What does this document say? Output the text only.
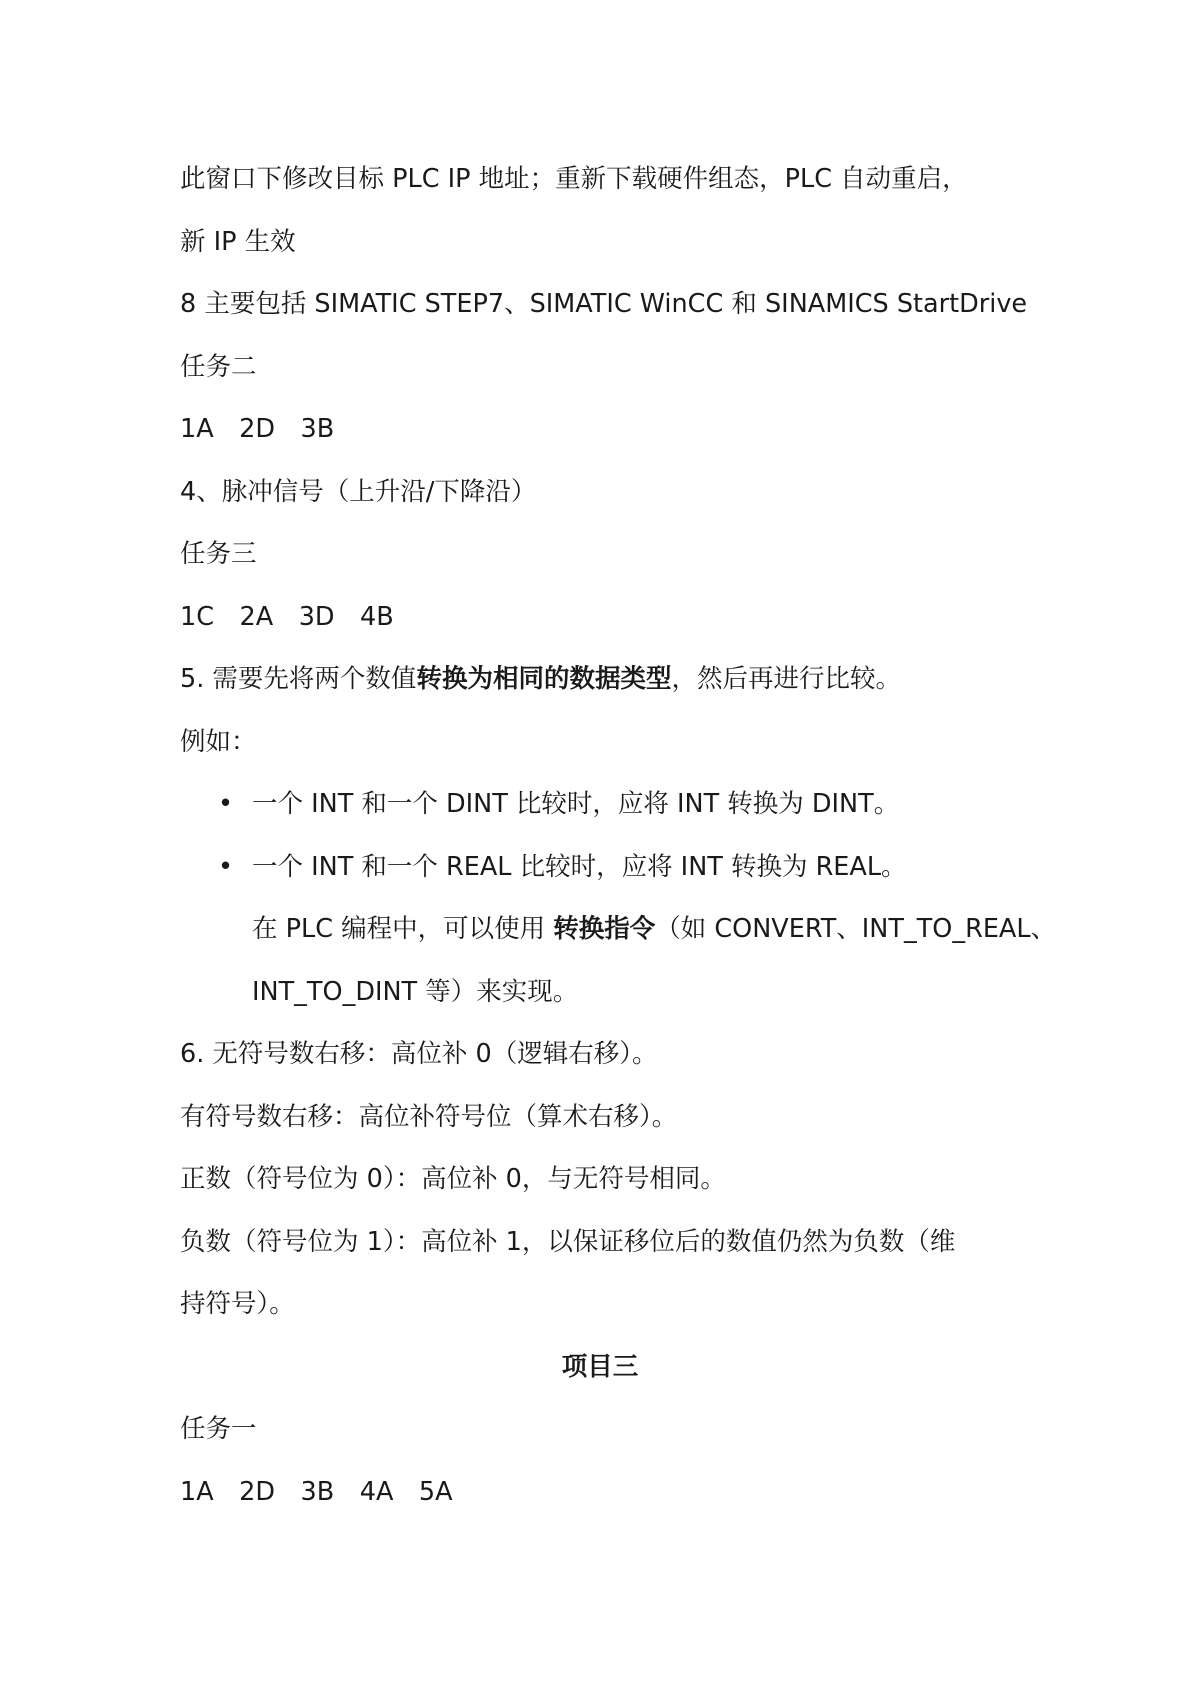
此窗口下修改目标 PLC IP 地址；重新下载硬件组态，PLC 自动重启，
新 IP 生效
8 主要包括 SIMATIC STEP7、SIMATIC WinCC 和 SINAMICS StartDrive
任务二
1A　2D　3B
4、脉冲信号（上升沿/下降沿）
任务三
1C　2A　3D　4B
5. 需要先将两个数值转换为相同的数据类型，然后再进行比较。
例如：
• 一个 INT 和一个 DINT 比较时，应将 INT 转换为 DINT。
• 一个 INT 和一个 REAL 比较时，应将 INT 转换为 REAL。
在 PLC 编程中，可以使用 转换指令（如 CONVERT、INT_TO_REAL、
INT_TO_DINT 等）来实现。
6. 无符号数右移：高位补 0（逻辑右移）。
有符号数右移：高位补符号位（算术右移）。
正数（符号位为 0）：高位补 0，与无符号相同。
负数（符号位为 1）：高位补 1，以保证移位后的数值仍然为负数（维
持符号）。
项目三
任务一
1A　2D　3B　4A　5A
